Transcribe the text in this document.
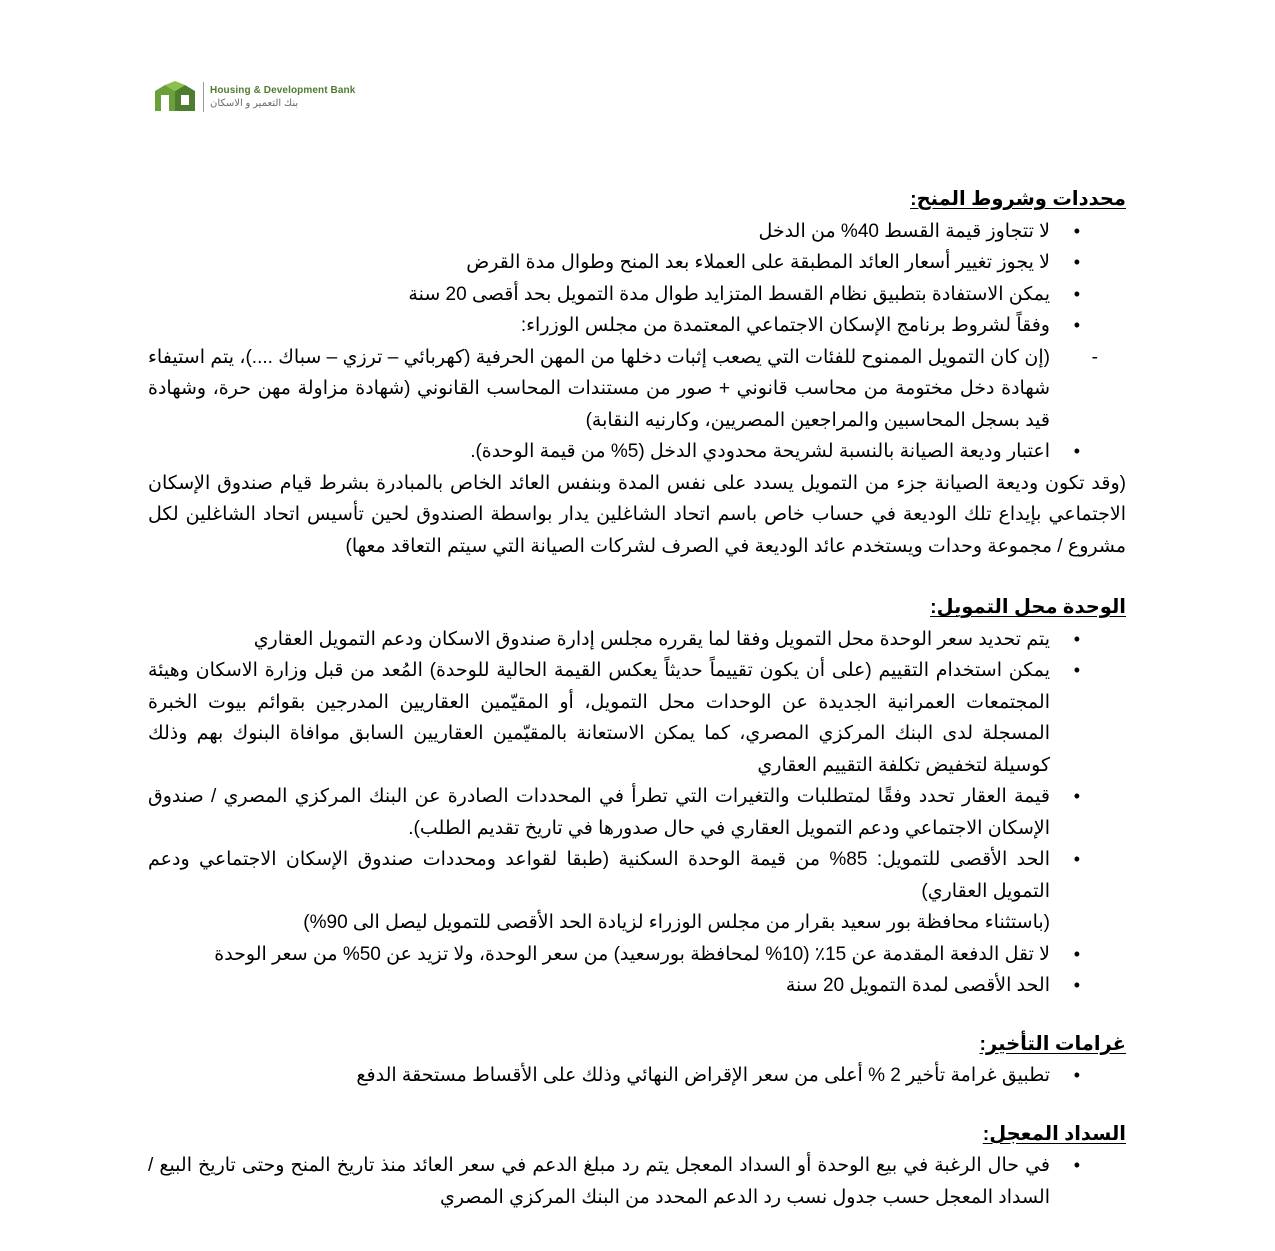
Housing & Development Bank
بنك التعمير و الاسكان
محددات وشروط المنح:
• لا تتجاوز قيمة القسط 40% من الدخل
• لا يجوز تغيير أسعار العائد المطبقة على العملاء بعد المنح وطوال مدة القرض
• يمكن الاستفادة بتطبيق نظام القسط المتزايد طوال مدة التمويل بحد أقصى 20 سنة
• وفقاً لشروط برنامج الإسكان الاجتماعي المعتمدة من مجلس الوزراء:
- (إن كان التمويل الممنوح للفئات التي يصعب إثبات دخلها من المهن الحرفية (كهربائي – ترزي – سباك ....)، يتم استيفاء شهادة دخل مختومة من محاسب قانوني + صور من مستندات المحاسب القانوني (شهادة مزاولة مهن حرة، وشهادة قيد بسجل المحاسبين والمراجعين المصريين، وكارنيه النقابة)
• اعتبار وديعة الصيانة بالنسبة لشريحة محدودي الدخل (5% من قيمة الوحدة).

(وقد تكون وديعة الصيانة جزء من التمويل يسدد على نفس المدة وبنفس العائد الخاص بالمبادرة بشرط قيام صندوق الإسكان الاجتماعي بإيداع تلك الوديعة في حساب خاص باسم اتحاد الشاغلين يدار بواسطة الصندوق لحين تأسيس اتحاد الشاغلين لكل مشروع / مجموعة وحدات ويستخدم عائد الوديعة في الصرف لشركات الصيانة التي سيتم التعاقد معها)

الوحدة محل التمويل:
• يتم تحديد سعر الوحدة محل التمويل وفقا لما يقرره مجلس إدارة صندوق الاسكان ودعم التمويل العقاري
• يمكن استخدام التقييم (على أن يكون تقييماً حديثاً يعكس القيمة الحالية للوحدة) المُعد من قبل وزارة الاسكان وهيئة المجتمعات العمرانية الجديدة عن الوحدات محل التمويل، أو المقيّمين العقاريين المدرجين بقوائم بيوت الخبرة المسجلة لدى البنك المركزي المصري، كما يمكن الاستعانة بالمقيّمين العقاريين السابق موافاة البنوك بهم وذلك كوسيلة لتخفيض تكلفة التقييم العقاري
• قيمة العقار تحدد وفقًا لمتطلبات والتغيرات التي تطرأ في المحددات الصادرة عن البنك المركزي المصري / صندوق الإسكان الاجتماعي ودعم التمويل العقاري في حال صدورها في تاريخ تقديم الطلب).
• الحد الأقصى للتمويل: 85% من قيمة الوحدة السكنية (طبقا لقواعد ومحددات صندوق الإسكان الاجتماعي ودعم التمويل العقاري)
(باستثناء محافظة بور سعيد بقرار من مجلس الوزراء لزيادة الحد الأقصى للتمويل ليصل الى 90%)
• لا تقل الدفعة المقدمة عن 15٪ (10% لمحافظة بورسعيد) من سعر الوحدة، ولا تزيد عن 50% من سعر الوحدة
• الحد الأقصى لمدة التمويل 20 سنة
غرامات التأخير:
• تطبيق غرامة تأخير 2 % أعلى من سعر الإقراض النهائي وذلك على الأقساط مستحقة الدفع
السداد المعجل:
• في حال الرغبة في بيع الوحدة أو السداد المعجل يتم رد مبلغ الدعم في سعر العائد منذ تاريخ المنح وحتى تاريخ البيع / السداد المعجل حسب جدول نسب رد الدعم المحدد من البنك المركزي المصري
